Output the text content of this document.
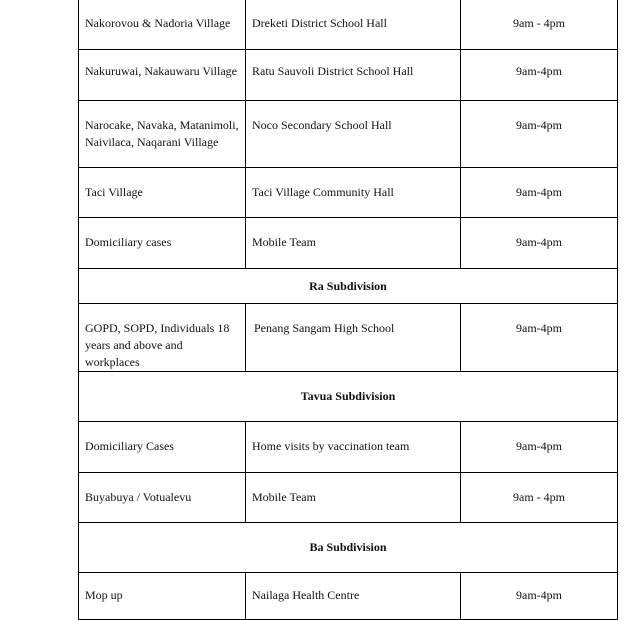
Nakorovou & Nadoria Village	Dreketi District School Hall	9am - 4pm
Nakuruwai, Nakauwaru Village	Ratu Sauvoli District School Hall	9am-4pm
Narocake, Navaka, Matanimoli, Naivilaca, Naqarani Village	Noco Secondary School Hall	9am-4pm
Taci Village	Taci Village Community Hall	9am-4pm
Domiciliary cases	Mobile Team	9am-4pm
Ra Subdivision		
GOPD, SOPD, Individuals 18 years and above and workplaces	Penang Sangam High School	9am-4pm
Tavua Subdivision		
Domiciliary Cases	Home visits by vaccination team	9am-4pm
Buyabuya / Votualevu	Mobile Team	9am - 4pm
Ba Subdivision		
Mop up	Nailaga Health Centre	9am-4pm
